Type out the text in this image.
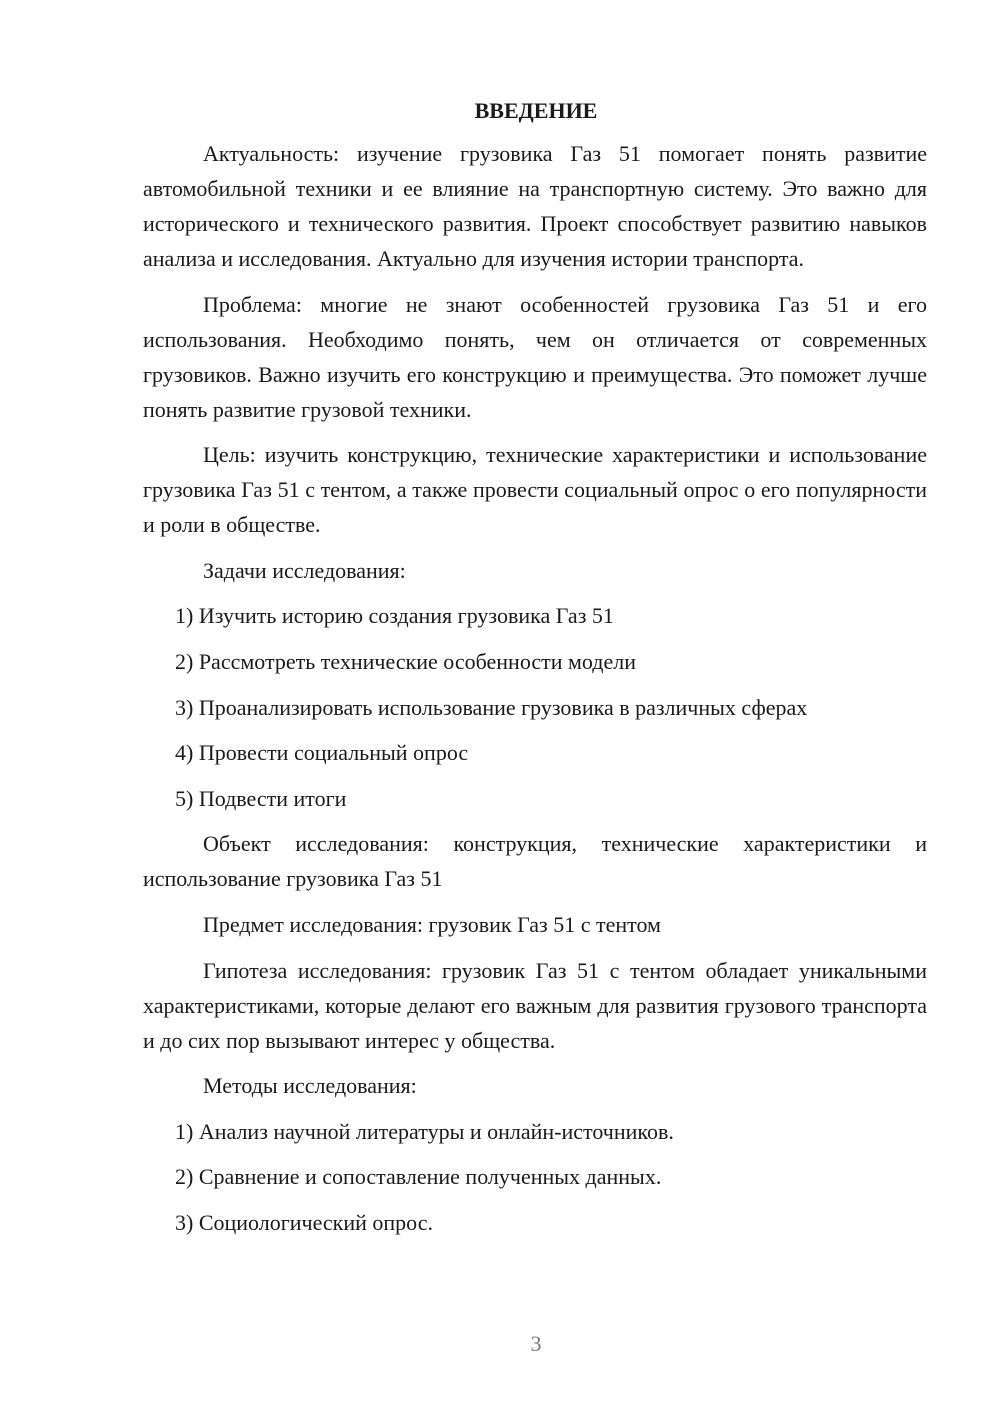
ВВЕДЕНИЕ

Актуальность: изучение грузовика Газ 51 помогает понять развитие автомобильной техники и ее влияние на транспортную систему. Это важно для исторического и технического развития. Проект способствует развитию навыков анализа и исследования. Актуально для изучения истории транспорта.

Проблема: многие не знают особенностей грузовика Газ 51 и его использования. Необходимо понять, чем он отличается от современных грузовиков. Важно изучить его конструкцию и преимущества. Это поможет лучше понять развитие грузовой техники.

Цель: изучить конструкцию, технические характеристики и использование грузовика Газ 51 с тентом, а также провести социальный опрос о его популярности и роли в обществе.

Задачи исследования:

1) Изучить историю создания грузовика Газ 51

2) Рассмотреть технические особенности модели

3) Проанализировать использование грузовика в различных сферах

4) Провести социальный опрос

5) Подвести итоги

Объект исследования: конструкция, технические характеристики и использование грузовика Газ 51

Предмет исследования: грузовик Газ 51 с тентом

Гипотеза исследования: грузовик Газ 51 с тентом обладает уникальными характеристиками, которые делают его важным для развития грузового транспорта и до сих пор вызывают интерес у общества.

Методы исследования:

1) Анализ научной литературы и онлайн-источников.

2) Сравнение и сопоставление полученных данных.

3) Социологический опрос.

3
